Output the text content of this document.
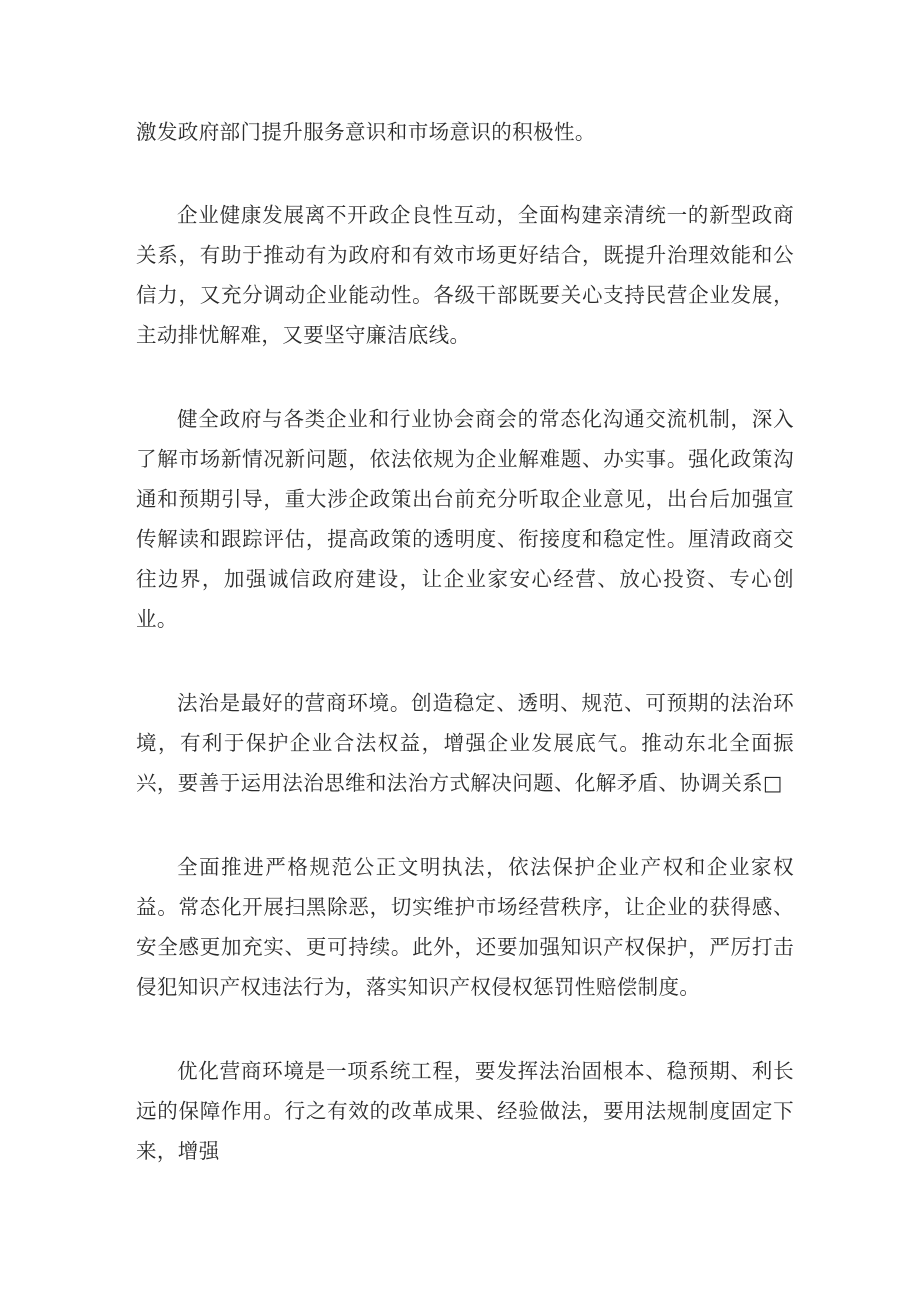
激发政府部门提升服务意识和市场意识的积极性。

企业健康发展离不开政企良性互动，全面构建亲清统一的新型政商关系，有助于推动有为政府和有效市场更好结合，既提升治理效能和公信力，又充分调动企业能动性。各级干部既要关心支持民营企业发展，主动排忧解难，又要坚守廉洁底线。

健全政府与各类企业和行业协会商会的常态化沟通交流机制，深入了解市场新情况新问题，依法依规为企业解难题、办实事。强化政策沟通和预期引导，重大涉企政策出台前充分听取企业意见，出台后加强宣传解读和跟踪评估，提高政策的透明度、衔接度和稳定性。厘清政商交往边界，加强诚信政府建设，让企业家安心经营、放心投资、专心创业。

法治是最好的营商环境。创造稳定、透明、规范、可预期的法治环境，有利于保护企业合法权益，增强企业发展底气。推动东北全面振兴，要善于运用法治思维和法治方式解决问题、化解矛盾、协调关系□

全面推进严格规范公正文明执法，依法保护企业产权和企业家权益。常态化开展扫黑除恶，切实维护市场经营秩序，让企业的获得感、安全感更加充实、更可持续。此外，还要加强知识产权保护，严厉打击侵犯知识产权违法行为，落实知识产权侵权惩罚性赔偿制度。

优化营商环境是一项系统工程，要发挥法治固根本、稳预期、利长远的保障作用。行之有效的改革成果、经验做法，要用法规制度固定下来，增强
